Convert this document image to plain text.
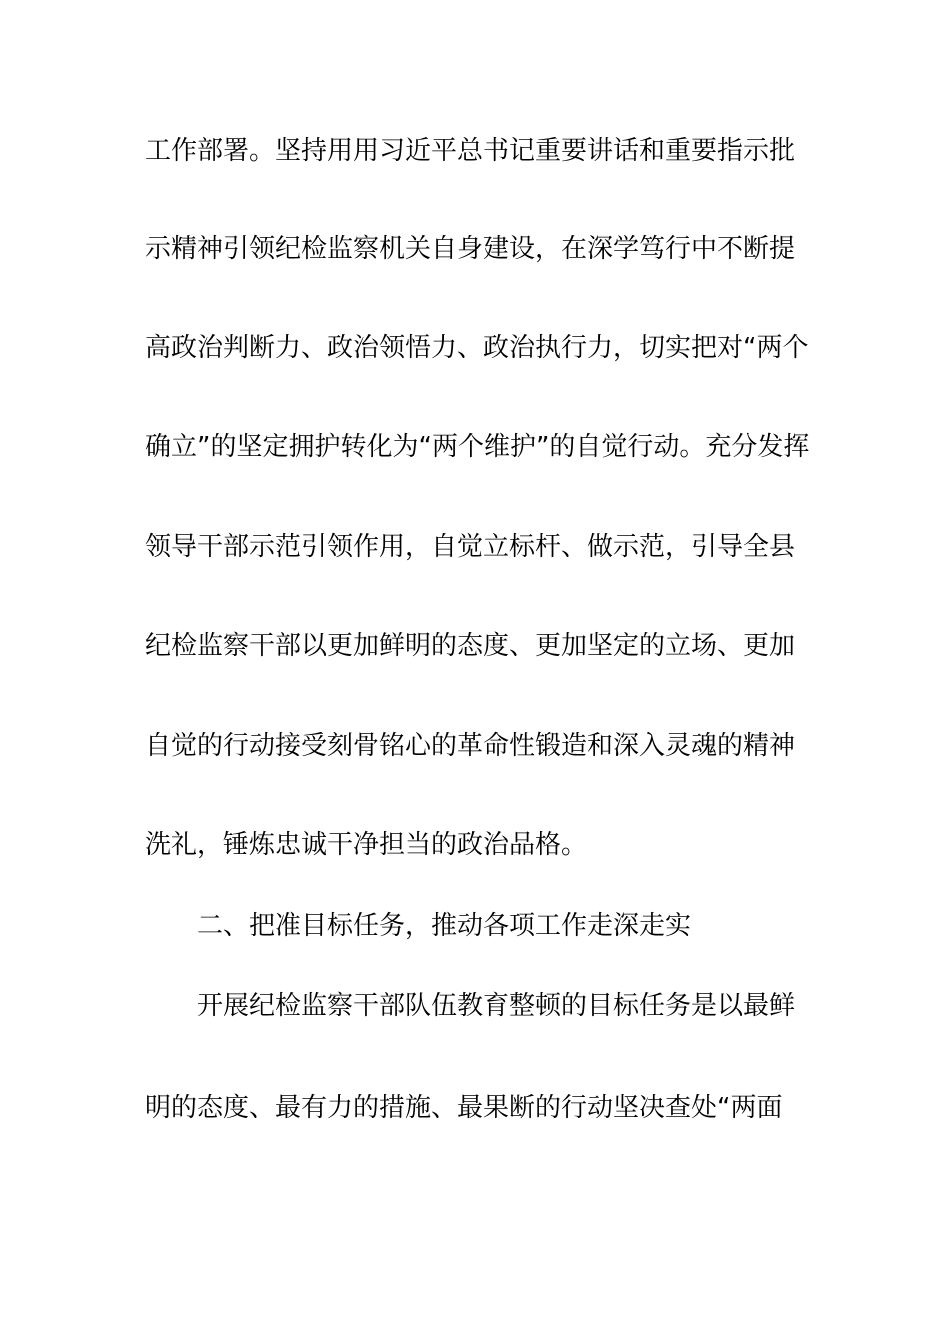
工作部署。坚持用用习近平总书记重要讲话和重要指示批
示精神引领纪检监察机关自身建设，在深学笃行中不断提
高政治判断力、政治领悟力、政治执行力，切实把对“两个
确立”的坚定拥护转化为“两个维护”的自觉行动。充分发挥
领导干部示范引领作用，自觉立标杆、做示范，引导全县
纪检监察干部以更加鲜明的态度、更加坚定的立场、更加
自觉的行动接受刻骨铭心的革命性锻造和深入灵魂的精神
洗礼，锤炼忠诚干净担当的政治品格。
二、把准目标任务，推动各项工作走深走实
开展纪检监察干部队伍教育整顿的目标任务是以最鲜
明的态度、最有力的措施、最果断的行动坚决查处“两面
